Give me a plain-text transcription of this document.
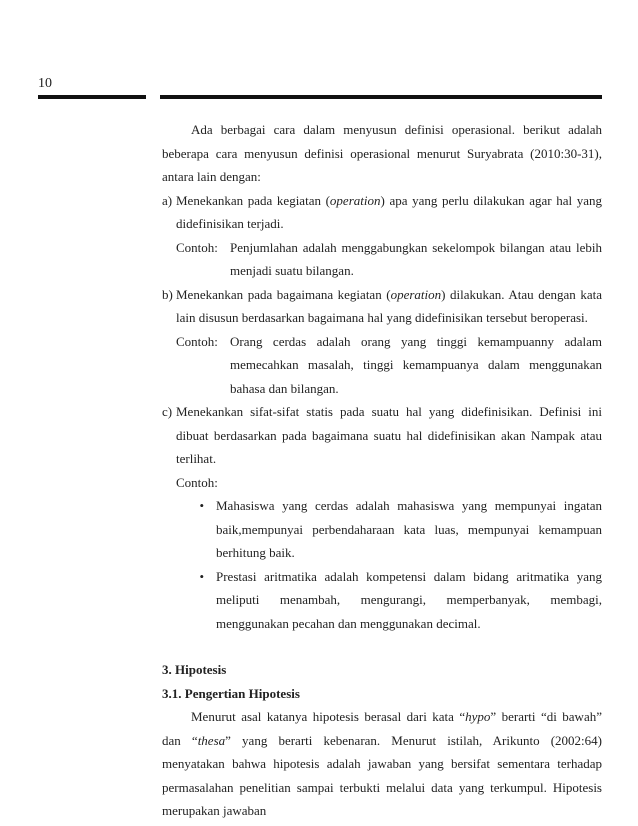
10

Ada berbagai cara dalam menyusun definisi operasional. berikut adalah beberapa cara menyusun definisi operasional menurut Suryabrata (2010:30-31), antara lain dengan:

a) Menekankan pada kegiatan (operation) apa yang perlu dilakukan agar hal yang didefinisikan terjadi.

Contoh: Penjumlahan adalah menggabungkan sekelompok bilangan atau lebih menjadi suatu bilangan.
b) Menekankan pada bagaimana kegiatan (operation) dilakukan. Atau dengan kata lain disusun berdasarkan bagaimana hal yang didefinisikan tersebut beroperasi.

Contoh: Orang cerdas adalah orang yang tinggi kemampuanny adalam memecahkan masalah, tinggi kemampuanya dalam menggunakan bahasa dan bilangan.
c) Menekankan sifat-sifat statis pada suatu hal yang didefinisikan. Definisi ini dibuat berdasarkan pada bagaimana suatu hal didefinisikan akan Nampak atau terlihat.

Contoh:

• Mahasiswa yang cerdas adalah mahasiswa yang mempunyai ingatan baik,mempunyai perbendaharaan kata luas, mempunyai kemampuan berhitung baik.
• Prestasi aritmatika adalah kompetensi dalam bidang aritmatika yang meliputi menambah, mengurangi, memperbanyak, membagi, menggunakan pecahan dan menggunakan decimal.

3. Hipotesis

3.1. Pengertian Hipotesis

Menurut asal katanya hipotesis berasal dari kata “hypo” berarti “di bawah” dan “thesa” yang berarti kebenaran. Menurut istilah, Arikunto (2002:64) menyatakan bahwa hipotesis adalah jawaban yang bersifat sementara terhadap permasalahan penelitian sampai terbukti melalui data yang terkumpul. Hipotesis merupakan jawaban
